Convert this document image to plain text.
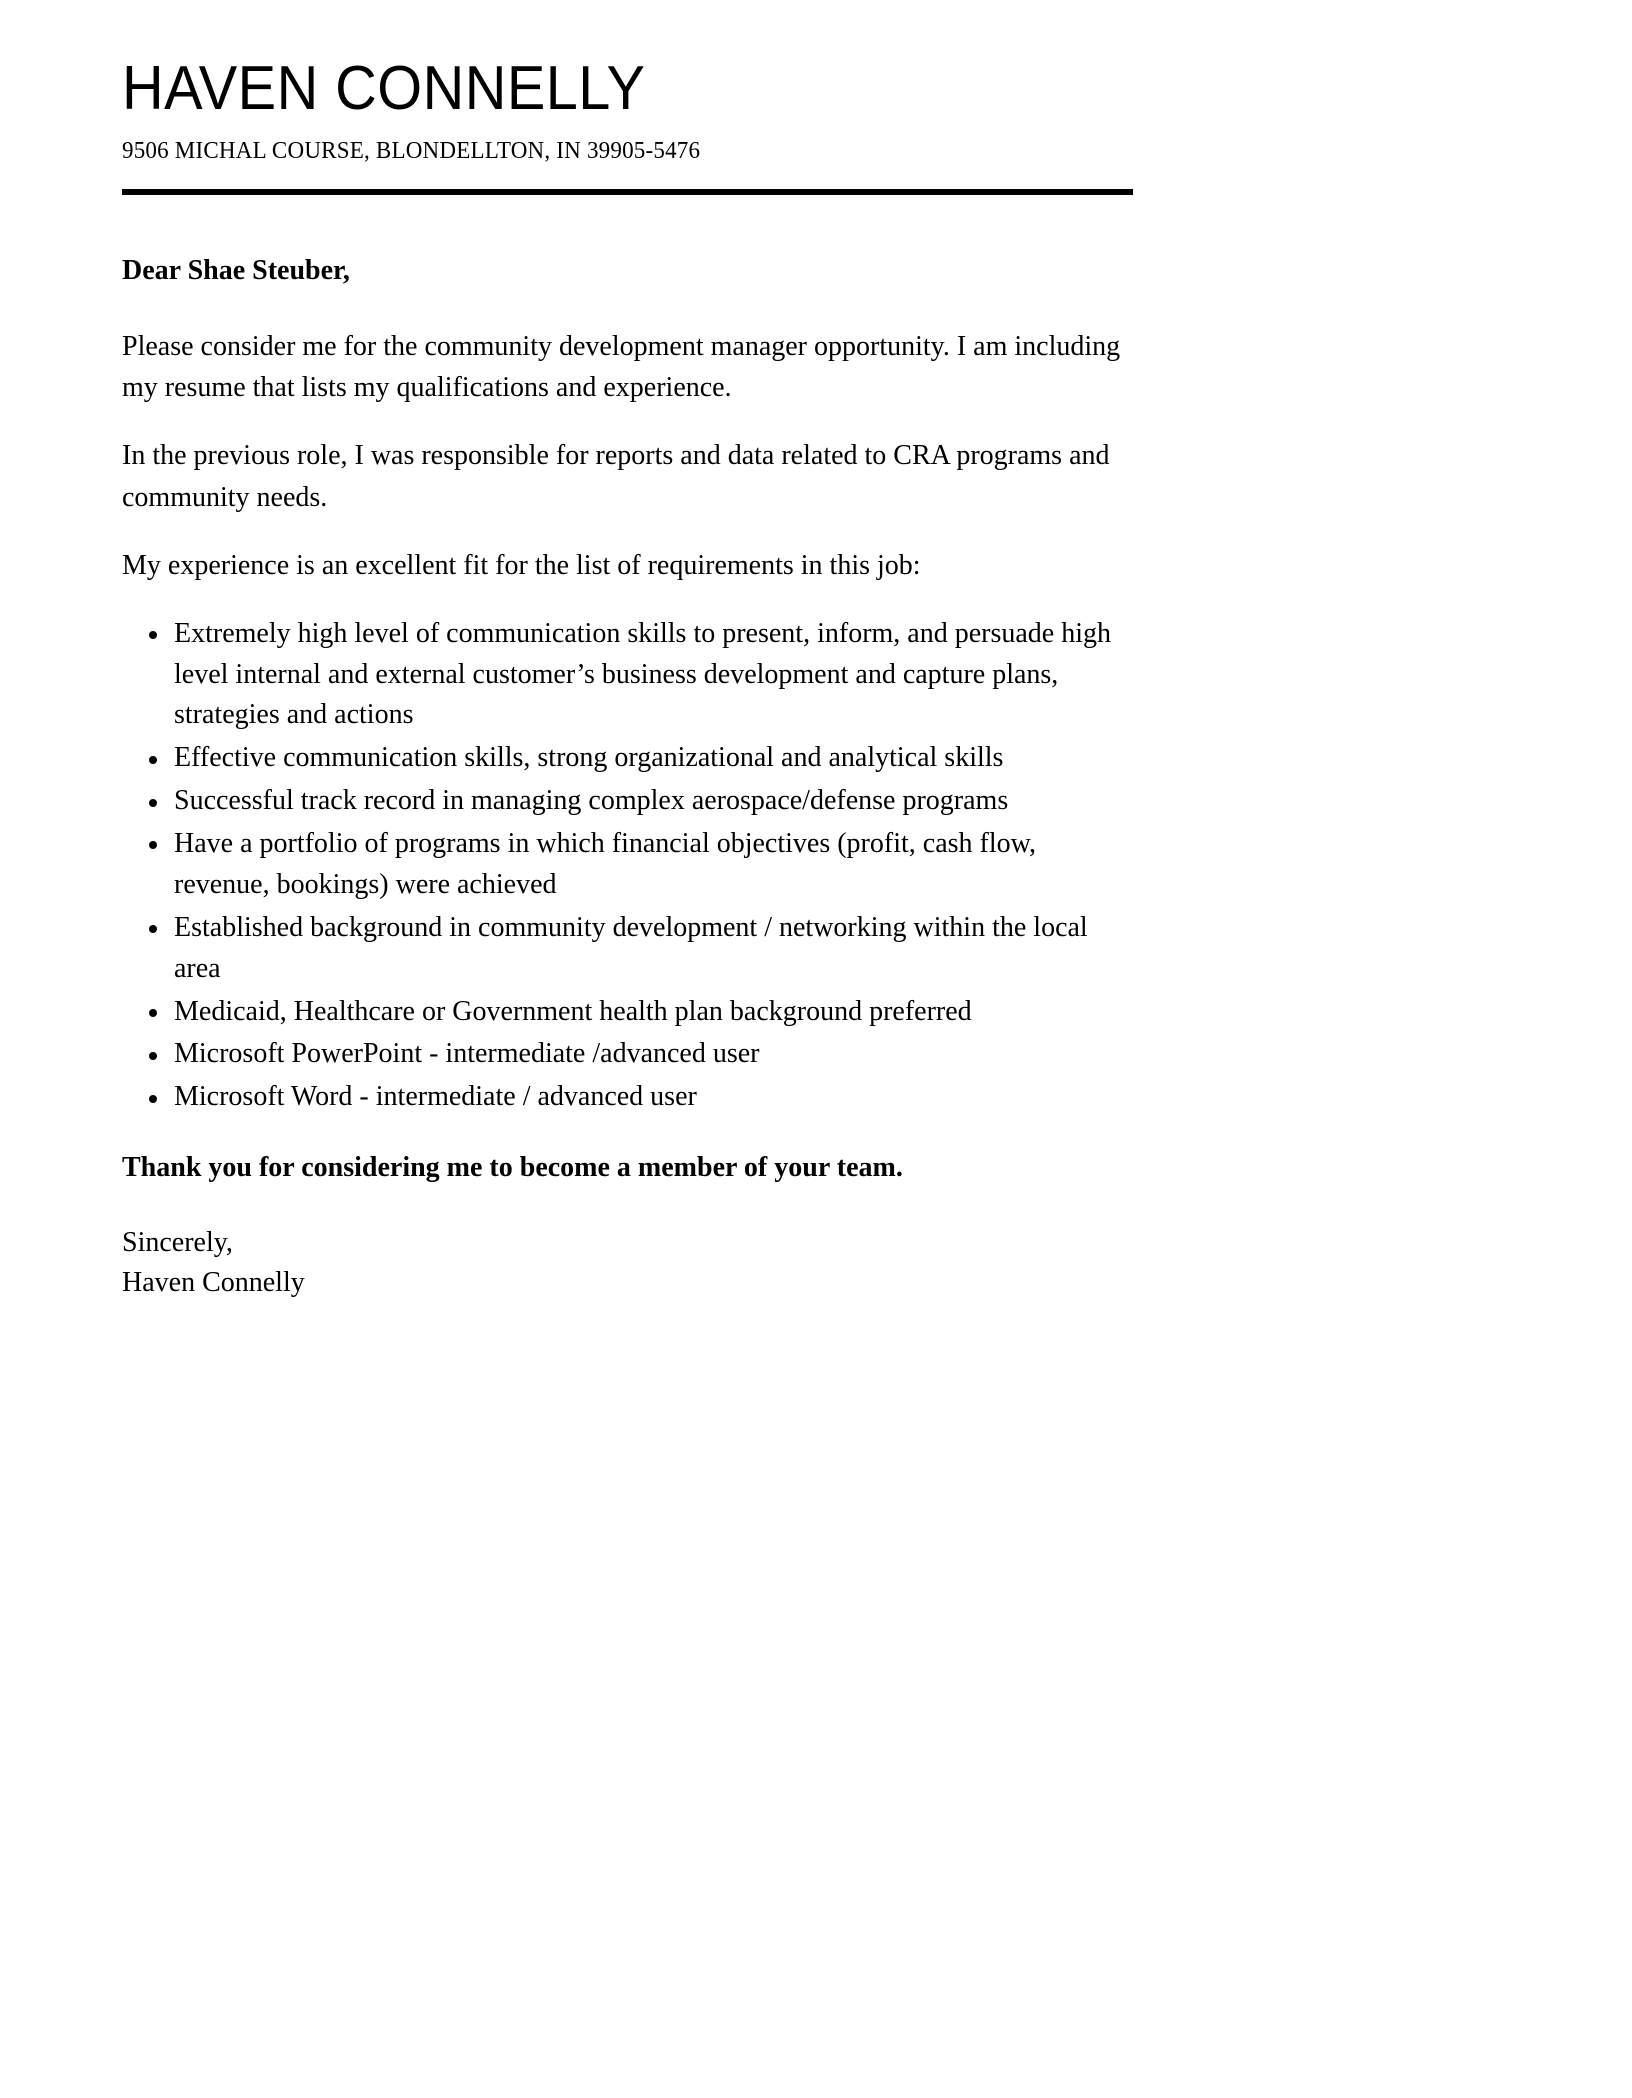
HAVEN CONNELLY
9506 MICHAL COURSE, BLONDELLTON, IN 39905-5476

Dear Shae Steuber,

Please consider me for the community development manager opportunity. I am including my resume that lists my qualifications and experience.

In the previous role, I was responsible for reports and data related to CRA programs and community needs.

My experience is an excellent fit for the list of requirements in this job:

Extremely high level of communication skills to present, inform, and persuade high level internal and external customer’s business development and capture plans, strategies and actions
Effective communication skills, strong organizational and analytical skills
Successful track record in managing complex aerospace/defense programs
Have a portfolio of programs in which financial objectives (profit, cash flow, revenue, bookings) were achieved
Established background in community development / networking within the local area
Medicaid, Healthcare or Government health plan background preferred
Microsoft PowerPoint - intermediate /advanced user
Microsoft Word - intermediate / advanced user

Thank you for considering me to become a member of your team.

Sincerely,
Haven Connelly
